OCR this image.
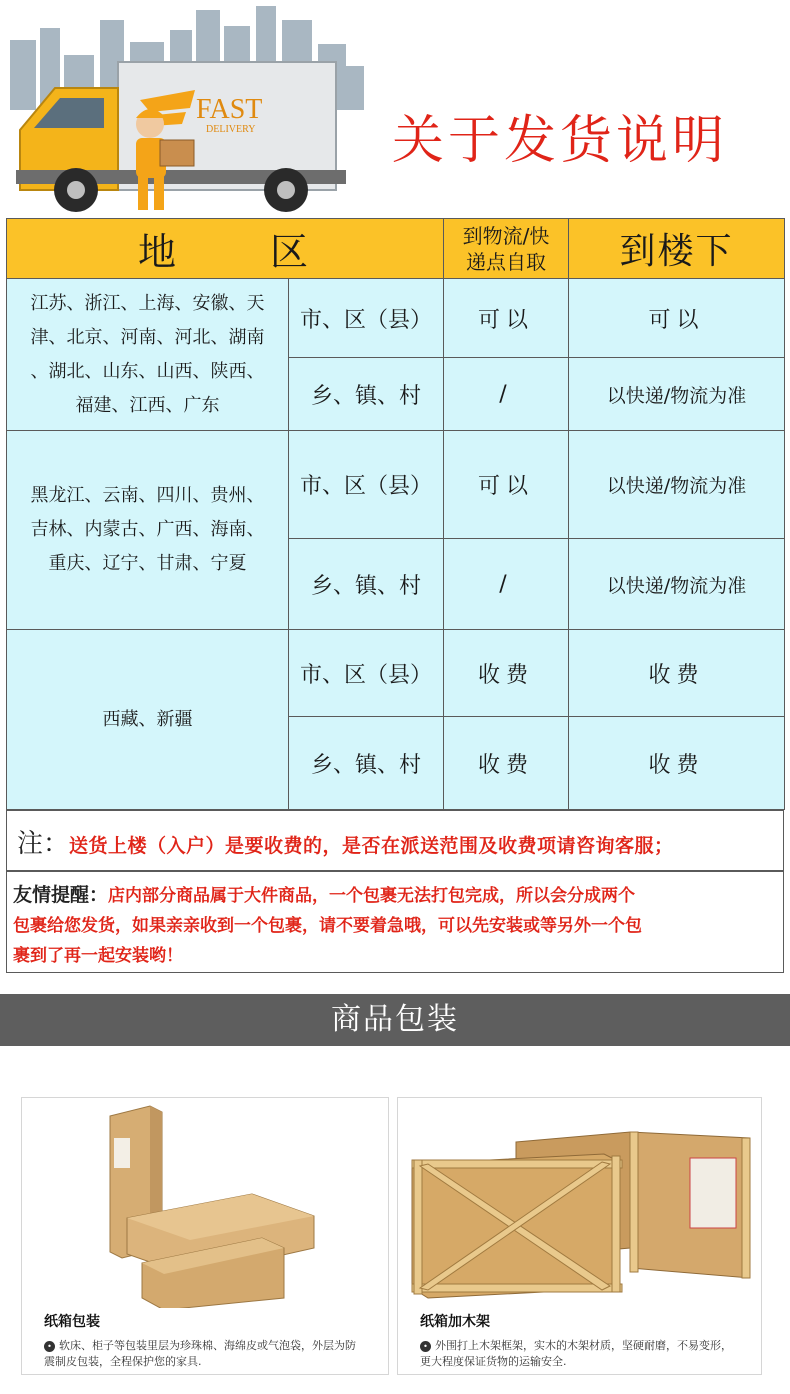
FAST
DELIVERY	关于发货说明
地 区		到物流/快
递点自取	到楼下

江苏、浙江、上海、安徽、天
津、北京、河南、河北、湖南
、湖北、山东、山西、陕西、
福建、江西、广东	市、区（县）	可以	可以
	乡、镇、村	/	以快递/物流为准

黑龙江、云南、四川、贵州、
吉林、内蒙古、广西、海南、
重庆、辽宁、甘肃、宁夏	市、区（县）	可以	以快递/物流为准
	乡、镇、村	/	以快递/物流为准

西藏、新疆	市、区（县）	收费	收费
	乡、镇、村	收费	收费
注：送货上楼（入户）是要收费的，是否在派送范围及收费项请咨询客服；

友情提醒：店内部分商品属于大件商品，一个包裹无法打包完成，所以会分成两个

包裹给您发货，如果亲亲收到一个包裹，请不要着急哦，可以先安装或等另外一个包

裹到了再一起安装哟！

商品包装
纸箱包装
• 软床、柜子等包装里层为珍珠棉、海绵皮或气泡袋，外层为防
震制皮包装，全程保护您的家具.
纸箱加木架
• 外围打上木架框架，实木的木架材质，坚硬耐磨，不易变形，
更大程度保证货物的运输安全.
